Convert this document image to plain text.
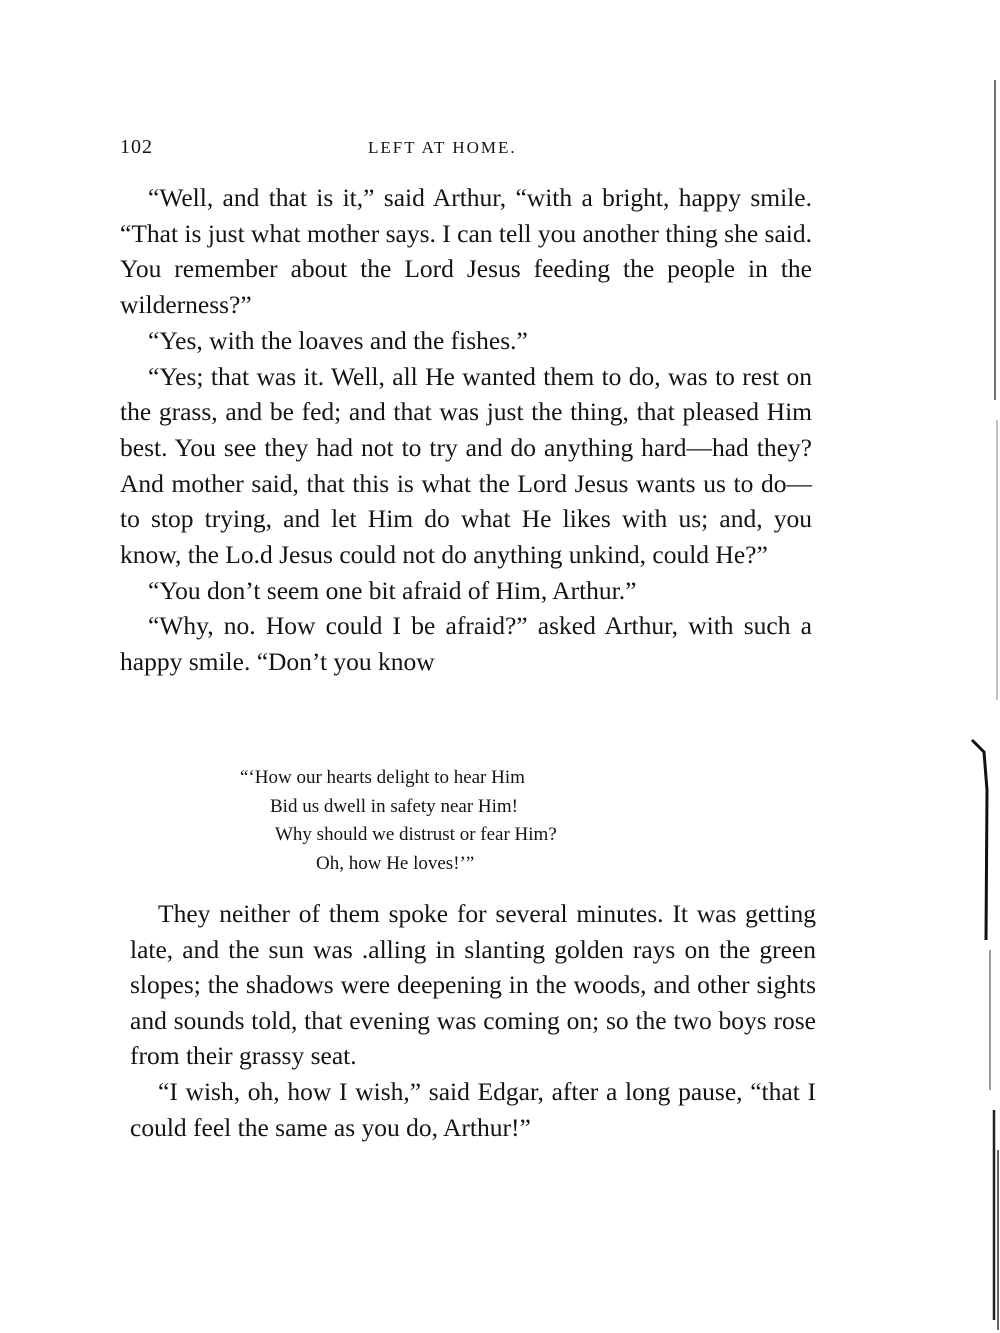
102	LEFT AT HOME.

“Well, and that is it,” said Arthur, “with a bright, happy smile. “That is just what mother says. I can tell you another thing she said. You remember about the Lord Jesus feeding the people in the wilderness?”

“Yes, with the loaves and the fishes.”

“Yes; that was it. Well, all He wanted them to do, was to rest on the grass, and be fed; and that was just the thing, that pleased Him best. You see they had not to try and do anything hard—had they? And mother said, that this is what the Lord Jesus wants us to do—to stop trying, and let Him do what He likes with us; and, you know, the Lo.d Jesus could not do anything unkind, could He?”

“You don’t seem one bit afraid of Him, Arthur.”

“Why, no. How could I be afraid?” asked Arthur, with such a happy smile. “Don’t you know

“‘How our hearts delight to hear Him
Bid us dwell in safety near Him!
Why should we distrust or fear Him?
Oh, how He loves!’”

They neither of them spoke for several minutes. It was getting late, and the sun was .alling in slanting golden rays on the green slopes; the shadows were deepening in the woods, and other sights and sounds told, that evening was coming on; so the two boys rose from their grassy seat.

“I wish, oh, how I wish,” said Edgar, after a long pause, “that I could feel the same as you do, Arthur!”
